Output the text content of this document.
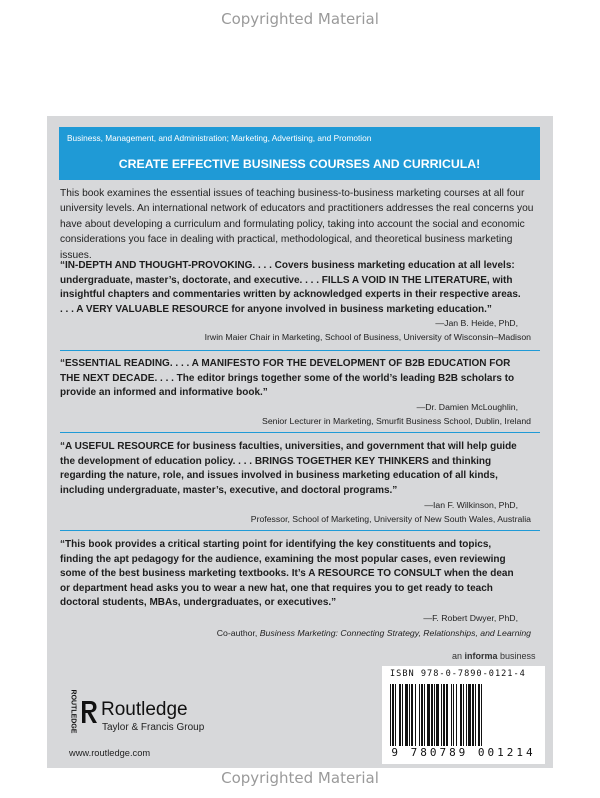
Copyrighted Material
Business, Management, and Administration; Marketing, Advertising, and Promotion
CREATE EFFECTIVE BUSINESS COURSES AND CURRICULA!
This book examines the essential issues of teaching business-to-business marketing courses at all four university levels. An international network of educators and practitioners addresses the real concerns you have about developing a curriculum and formulating policy, taking into account the social and economic considerations you face in dealing with practical, methodological, and theoretical business marketing issues.
“IN-DEPTH AND THOUGHT-PROVOKING. . . . Covers business marketing education at all levels:
undergraduate, master’s, doctorate, and executive. . . . FILLS A VOID IN THE LITERATURE, with
insightful chapters and commentaries written by acknowledged experts in their respective areas.
. . . A VERY VALUABLE RESOURCE for anyone involved in business marketing education.”
—Jan B. Heide, PhD,
Irwin Maier Chair in Marketing, School of Business, University of Wisconsin–Madison
“ESSENTIAL READING. . . . A MANIFESTO FOR THE DEVELOPMENT OF B2B EDUCATION FOR
THE NEXT DECADE. . . . The editor brings together some of the world’s leading B2B scholars to
provide an informed and informative book.”
—Dr. Damien McLoughlin,
Senior Lecturer in Marketing, Smurfit Business School, Dublin, Ireland
“A USEFUL RESOURCE for business faculties, universities, and government that will help guide
the development of education policy. . . . BRINGS TOGETHER KEY THINKERS and thinking
regarding the nature, role, and issues involved in business marketing education of all kinds,
including undergraduate, master’s, executive, and doctoral programs.”
—Ian F. Wilkinson, PhD,
Professor, School of Marketing, University of New South Wales, Australia
“This book provides a critical starting point for identifying the key constituents and topics,
finding the apt pedagogy for the audience, examining the most popular cases, even reviewing
some of the best business marketing textbooks. It’s A RESOURCE TO CONSULT when the dean
or department head asks you to wear a new hat, one that requires you to get ready to teach
doctoral students, MBAs, undergraduates, or executives.”
—F. Robert Dwyer, PhD,
Co-author, Business Marketing: Connecting Strategy, Relationships, and Learning
an informa business
ISBN 978-0-7890-0121-4
9 780789 001214
ROUTLEDGE Routledge
Taylor & Francis Group
www.routledge.com
Copyrighted Material
